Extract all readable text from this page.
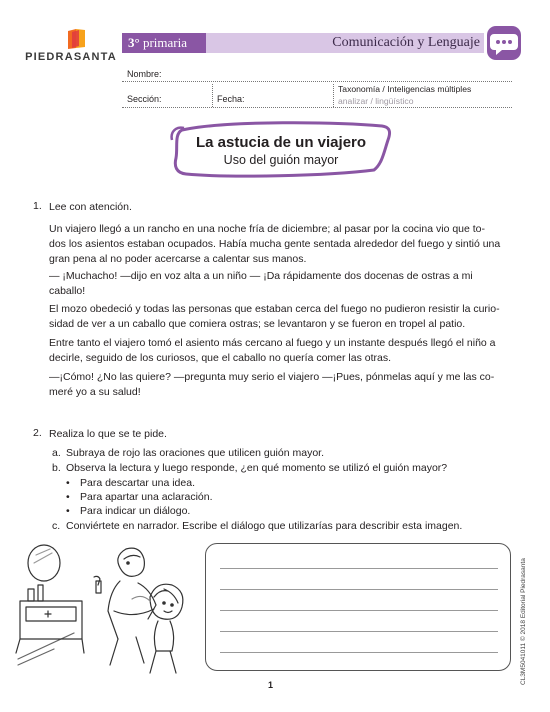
PIEDRASANTA
3° primaria	Comunicación y Lenguaje
Nombre:
Sección:	Fecha:
Taxonomía / Inteligencias múltiples
analizar / lingüístico
La astucia de un viajero
Uso del guión mayor
1. Lee con atención.
Un viajero llegó a un rancho en una noche fría de diciembre; al pasar por la cocina vio que to-
dos los asientos estaban ocupados. Había mucha gente sentada alrededor del fuego y sintió una
gran pena al no poder acercarse a calentar sus manos.
— ¡Muchacho! —dijo en voz alta a un niño — ¡Da rápidamente dos docenas de ostras a mi
caballo!
El mozo obedeció y todas las personas que estaban cerca del fuego no pudieron resistir la curio-
sidad de ver a un caballo que comiera ostras; se levantaron y se fueron en tropel al patio.
Entre tanto el viajero tomó el asiento más cercano al fuego y un instante después llegó el niño a
decirle, seguido de los curiosos, que el caballo no quería comer las otras.
—¡Cómo! ¿No las quiere? —pregunta muy serio el viajero —¡Pues, pónmelas aquí y me las co-
meré yo a su salud!
2. Realiza lo que se te pide.
a. Subraya de rojo las oraciones que utilicen guión mayor.
b. Observa la lectura y luego responde, ¿en qué momento se utilizó el guión mayor?
• Para descartar una idea.
• Para apartar una aclaración.
• Para indicar un diálogo.
c. Conviértete en narrador. Escribe el diálogo que utilizarías para describir esta imagen.
CL3M5041011 © 2018 Editorial Piedrasanta
1
